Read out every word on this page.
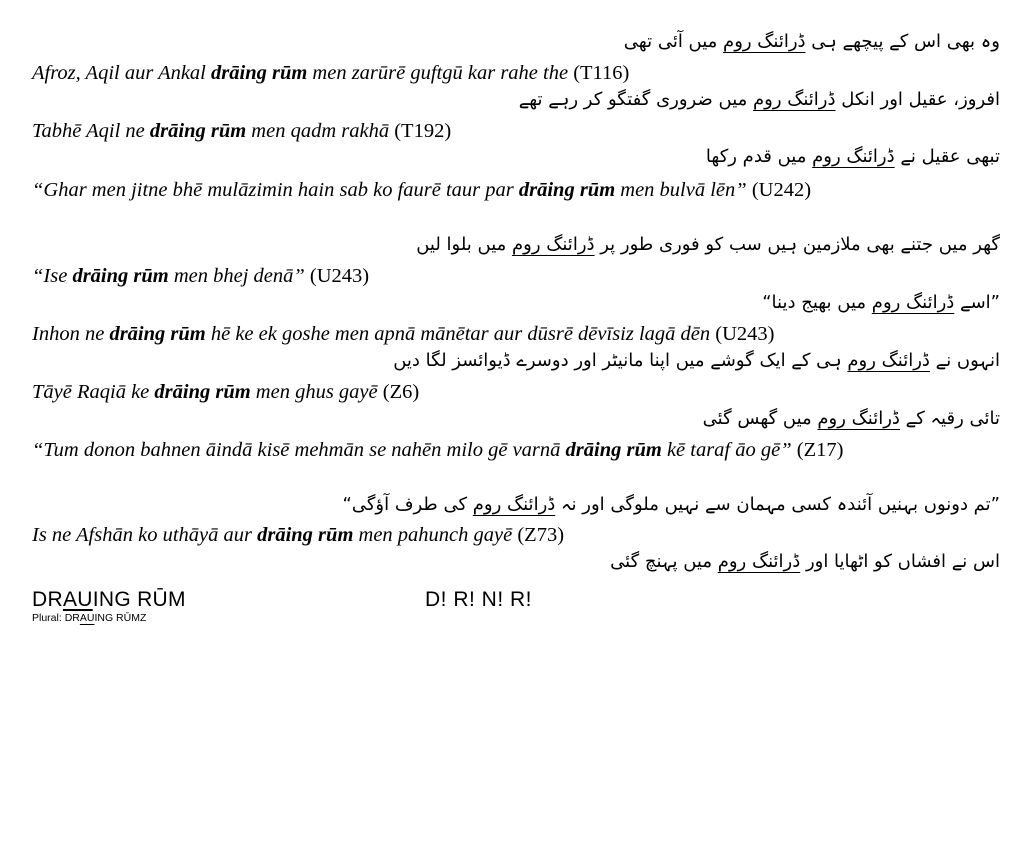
وہ بھی اس کے پیچھے ہی ڈرائنگ روم میں آئی تھی
Afroz, Aqil aur Ankal drāing rūm men zarūrē guftgū kar rahe the (T116)
افروز، عقیل اور انکل ڈرائنگ روم میں ضروری گفتگو کر رہے تھے
Tabhē Aqil ne drāing rūm men qadm rakhā (T192)
تبھی عقیل نے ڈرائنگ روم میں قدم رکھا
“Ghar men jitne bhē mulāzimin hain sab ko faurē taur par drāing rūm men bulvā lēn” (U242)
گھر میں جتنے بھی ملازمین ہیں سب کو فوری طور پر ڈرائنگ روم میں بلوا لیں
“Ise drāing rūm men bhej denā” (U243)
”اسے ڈرائنگ روم میں بھیج دینا“
Inhon ne drāing rūm hē ke ek goshe men apnā mānētar aur dūsrē dēvīsiz lagā dēn (U243)
انہوں نے ڈرائنگ روم ہی کے ایک گوشے میں اپنا مانیٹر اور دوسرے ڈیوائسز لگا دیں
Tāyē Raqiā ke drāing rūm men ghus gayē (Z6)
تائی رقیہ کے ڈرائنگ روم میں گھس گئی
“Tum donon bahnen āindā kisē mehmān se nahēn milo gē varnā drāing rūm kē taraf āo gē” (Z17)
”تم دونوں بہنیں آئندہ کسی مہمان سے نہیں ملوگی اور نہ ڈرائنگ روم کی طرف آؤگی“
Is ne Afshān ko uthāyā aur drāing rūm men pahunch gayē (Z73)
اس نے افشاں کو اٹھایا اور ڈرائنگ روم میں پہنچ گئی
DRAUING RŪM	D! R! N! R!
Plural: DRAUING RŪMZ
